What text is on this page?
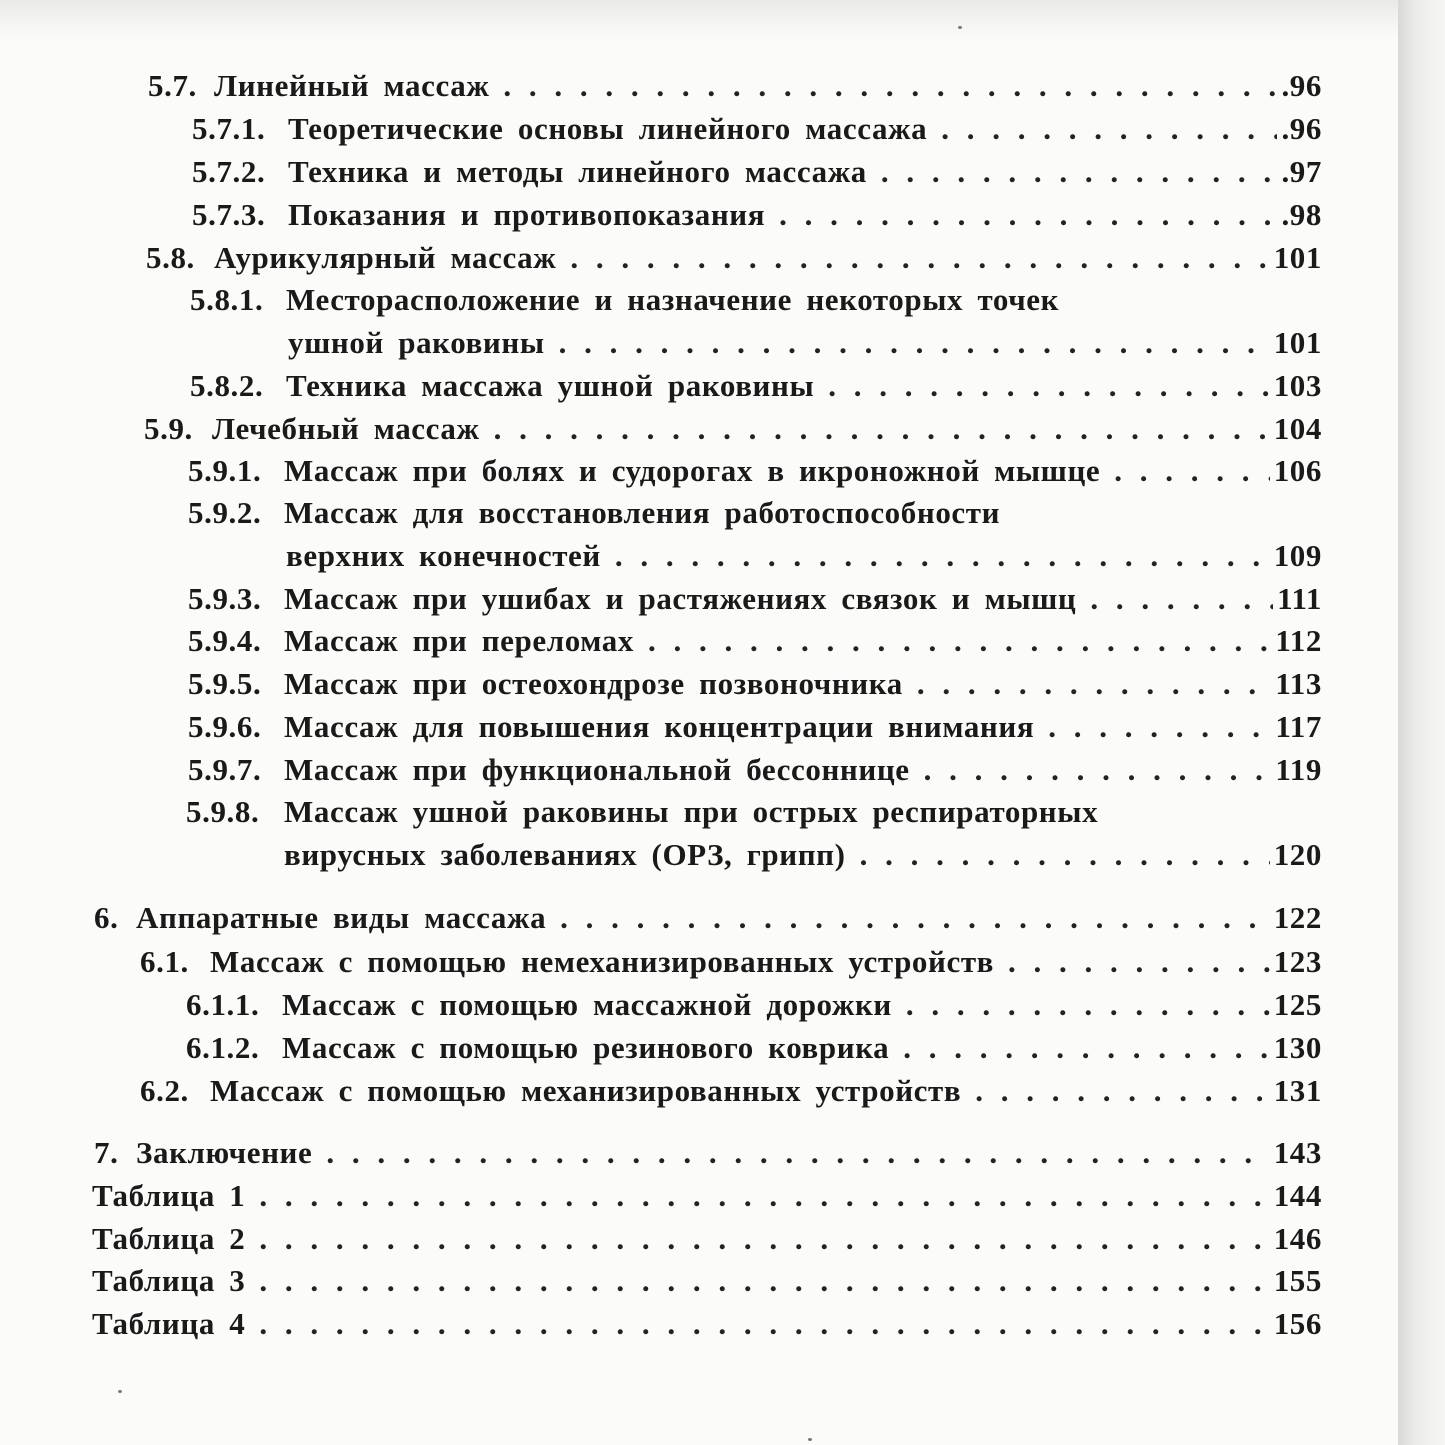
5.7. Линейный массаж . . .	.96
5.7.1. Теоретические основы линейного массажа . . .	.96
5.7.2. Техника и методы линейного массажа . . .	.97
5.7.3. Показания и противопоказания . . .	.98
5.8. Аурикулярный массаж . . .	101
5.8.1. Месторасположение и назначение некоторых точек
ушной раковины . . .	101
5.8.2. Техника массажа ушной раковины . . .	103
5.9. Лечебный массаж . . .	104
5.9.1. Массаж при болях и судорогах в икроножной мышце . . .	106
5.9.2. Массаж для восстановления работоспособности
верхних конечностей . . .	109
5.9.3. Массаж при ушибах и растяжениях связок и мышц . . .	111
5.9.4. Массаж при переломах . . .	112
5.9.5. Массаж при остеохондрозе позвоночника . . .	113
5.9.6. Массаж для повышения концентрации внимания . . .	117
5.9.7. Массаж при функциональной бессоннице . . .	119
5.9.8. Массаж ушной раковины при острых респираторных
вирусных заболеваниях (ОРЗ, грипп) . . .	120
6. Аппаратные виды массажа . . .	122
6.1. Массаж с помощью немеханизированных устройств . . .	123
6.1.1. Массаж с помощью массажной дорожки . . .	125
6.1.2. Массаж с помощью резинового коврика . . .	130
6.2. Массаж с помощью механизированных устройств . . .	131
7. Заключение . . .	143
Таблица 1 . . .	144
Таблица 2 . . .	146
Таблица 3 . . .	155
Таблица 4 . . .	156
